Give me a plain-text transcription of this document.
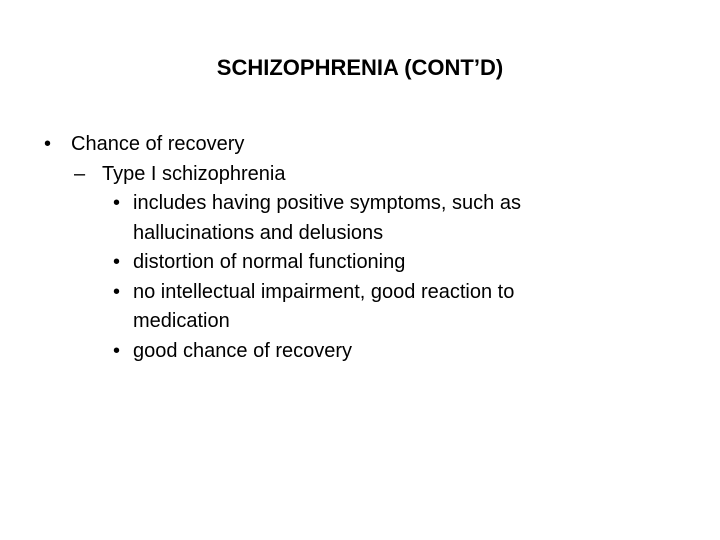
SCHIZOPHRENIA (CONT’D)
• Chance of recovery
– Type I schizophrenia
• includes having positive symptoms, such as hallucinations and delusions
• distortion of normal functioning
• no intellectual impairment, good reaction to medication
• good chance of recovery
